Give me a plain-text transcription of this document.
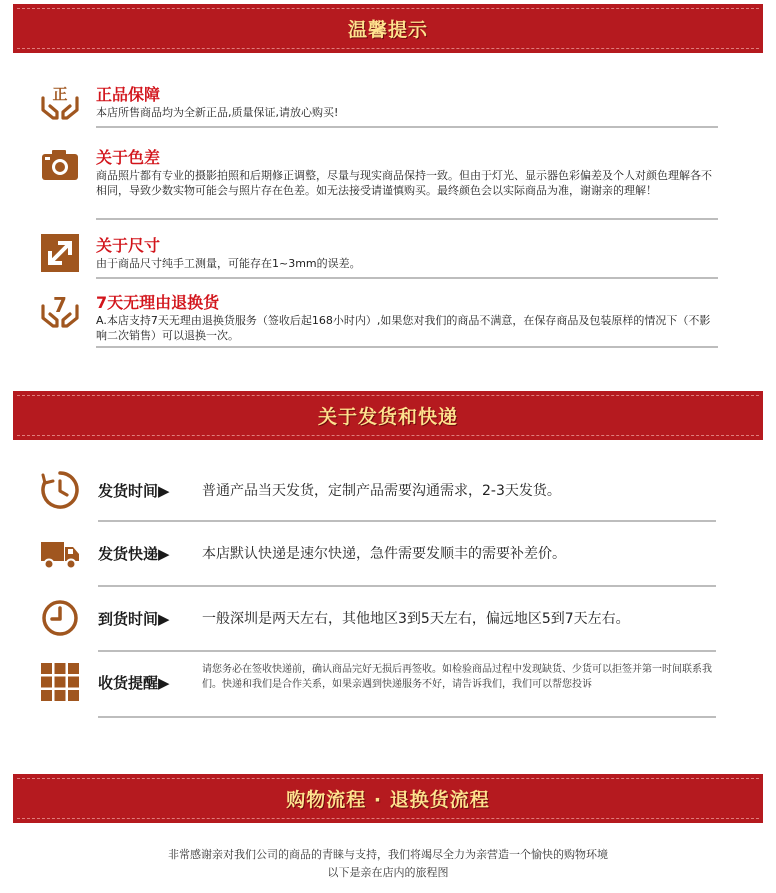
温馨提示
正 正品保障
本店所售商品均为全新正品,质量保证,请放心购买!
关于色差
商品照片都有专业的摄影拍照和后期修正调整，尽量与现实商品保持一致。但由于灯光、显示器色彩偏差及个人对颜色理解各不相同，导致少数实物可能会与照片存在色差。如无法接受请谨慎购买。最终颜色会以实际商品为准，谢谢亲的理解！
关于尺寸
由于商品尺寸纯手工测量，可能存在1~3mm的误差。
7 7天无理由退换货
A.本店支持7天无理由退换货服务（签收后起168小时内）,如果您对我们的商品不满意，在保存商品及包装原样的情况下（不影响二次销售）可以退换一次。
关于发货和快递
发货时间▶ 普通产品当天发货，定制产品需要沟通需求，2-3天发货。
发货快递▶ 本店默认快递是速尔快递，急件需要发顺丰的需要补差价。
到货时间▶ 一般深圳是两天左右，其他地区3到5天左右，偏远地区5到7天左右。
收货提醒▶
请您务必在签收快递前，确认商品完好无损后再签收。如检验商品过程中发现缺货、少货可以拒签并第一时间联系我们。快递和我们是合作关系，如果亲遇到快递服务不好，请告诉我们，我们可以帮您投诉
购物流程 · 退换货流程
非常感谢亲对我们公司的商品的青睐与支持，我们将竭尽全力为亲营造一个愉快的购物环境
以下是亲在店内的旅程图
